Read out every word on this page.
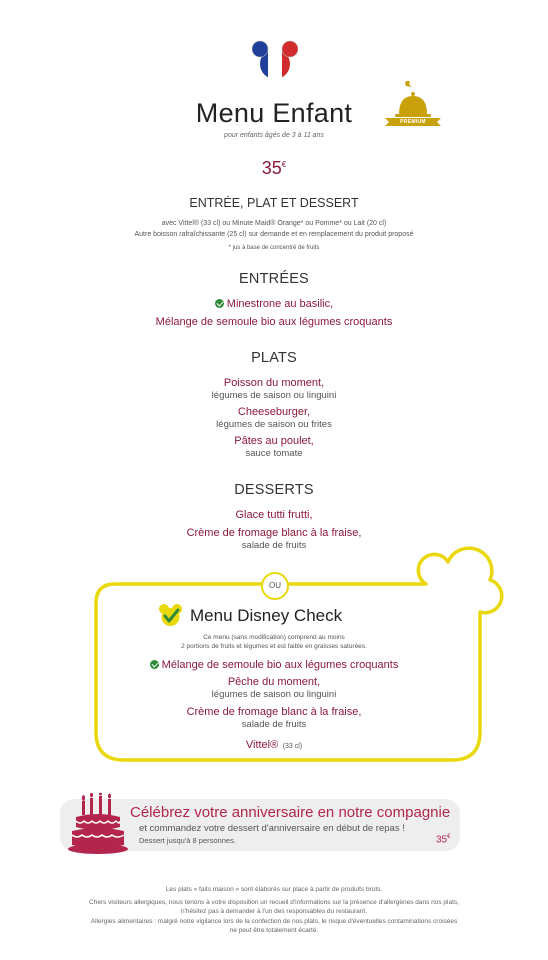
Menu Enfant
pour enfants âgés de 3 à 11 ans
PREMIUM
35€
ENTRÉE, PLAT ET DESSERT
avec Vittel® (33 cl) ou Minute Maid® Orange* ou Pomme* ou Lait (20 cl)
Autre boisson rafraîchissante (25 cl) sur demande et en remplacement du produit proposé
* jus à base de concentré de fruits
ENTRÉES
Minestrone au basilic,
Mélange de semoule bio aux légumes croquants
PLATS
Poisson du moment,
légumes de saison ou linguini
Cheeseburger,
légumes de saison ou frites
Pâtes au poulet,
sauce tomate
DESSERTS
Glace tutti frutti,
Crème de fromage blanc à la fraise,
salade de fruits
OU
Menu Disney Check
Ce menu (sans modification) comprend au moins
2 portions de fruits et légumes et est faible en graisses saturées.
Mélange de semoule bio aux légumes croquants
Pêche du moment,
légumes de saison ou linguini
Crème de fromage blanc à la fraise,
salade de fruits
Vittel® (33 cl)
Célébrez votre anniversaire en notre compagnie
et commandez votre dessert d'anniversaire en début de repas !
Dessert jusqu'à 8 personnes.	35€
Les plats « faits maison » sont élaborés sur place à partir de produits bruts.
Chers visiteurs allergiques, nous tenons à votre disposition un recueil d'informations sur la présence d'allergènes dans nos plats,
n'hésitez pas à demander à l'un des responsables du restaurant.
Allergies alimentaires : malgré notre vigilance lors de la confection de nos plats, le risque d'éventuelles contaminations croisées
ne peut être totalement écarté.
